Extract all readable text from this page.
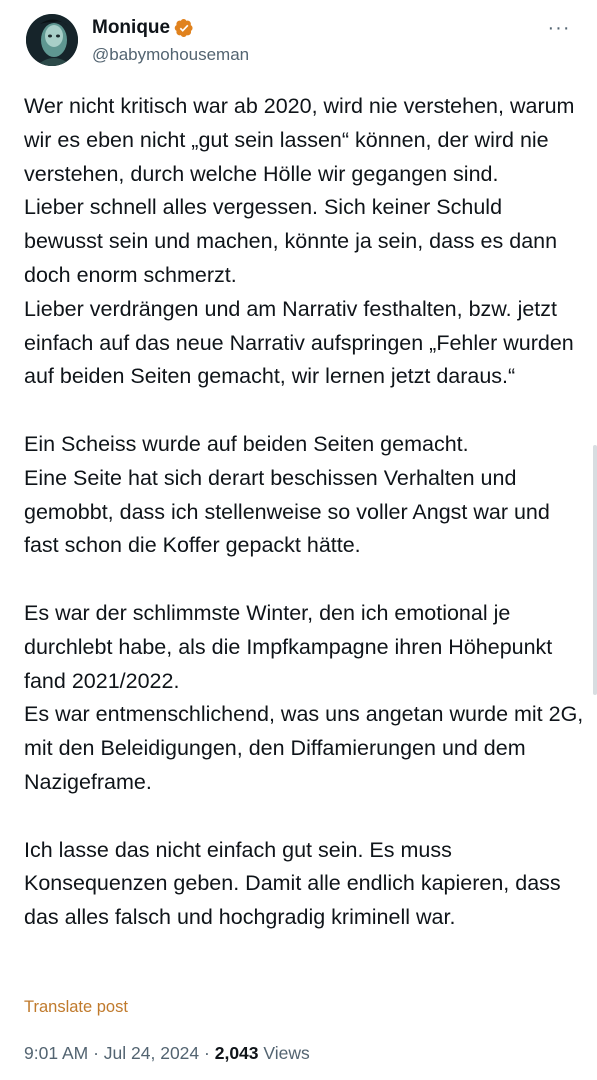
Monique
@babymohouseman
···

Wer nicht kritisch war ab 2020, wird nie verstehen, warum wir es eben nicht „gut sein lassen“ können, der wird nie verstehen, durch welche Hölle wir gegangen sind.

Lieber schnell alles vergessen. Sich keiner Schuld bewusst sein und machen, könnte ja sein, dass es dann doch enorm schmerzt.

Lieber verdrängen und am Narrativ festhalten, bzw. jetzt einfach auf das neue Narrativ aufspringen „Fehler wurden auf beiden Seiten gemacht, wir lernen jetzt daraus.“

Ein Scheiss wurde auf beiden Seiten gemacht.

Eine Seite hat sich derart beschissen Verhalten und gemobbt, dass ich stellenweise so voller Angst war und fast schon die Koffer gepackt hätte.

Es war der schlimmste Winter, den ich emotional je durchlebt habe, als die Impfkampagne ihren Höhepunkt fand 2021/2022.

Es war entmenschlichend, was uns angetan wurde mit 2G, mit den Beleidigungen, den Diffamierungen und dem Nazigeframe.

Ich lasse das nicht einfach gut sein. Es muss Konsequenzen geben. Damit alle endlich kapieren, dass das alles falsch und hochgradig kriminell war.

Translate post
9:01 AM · Jul 24, 2024 · 2,043 Views
